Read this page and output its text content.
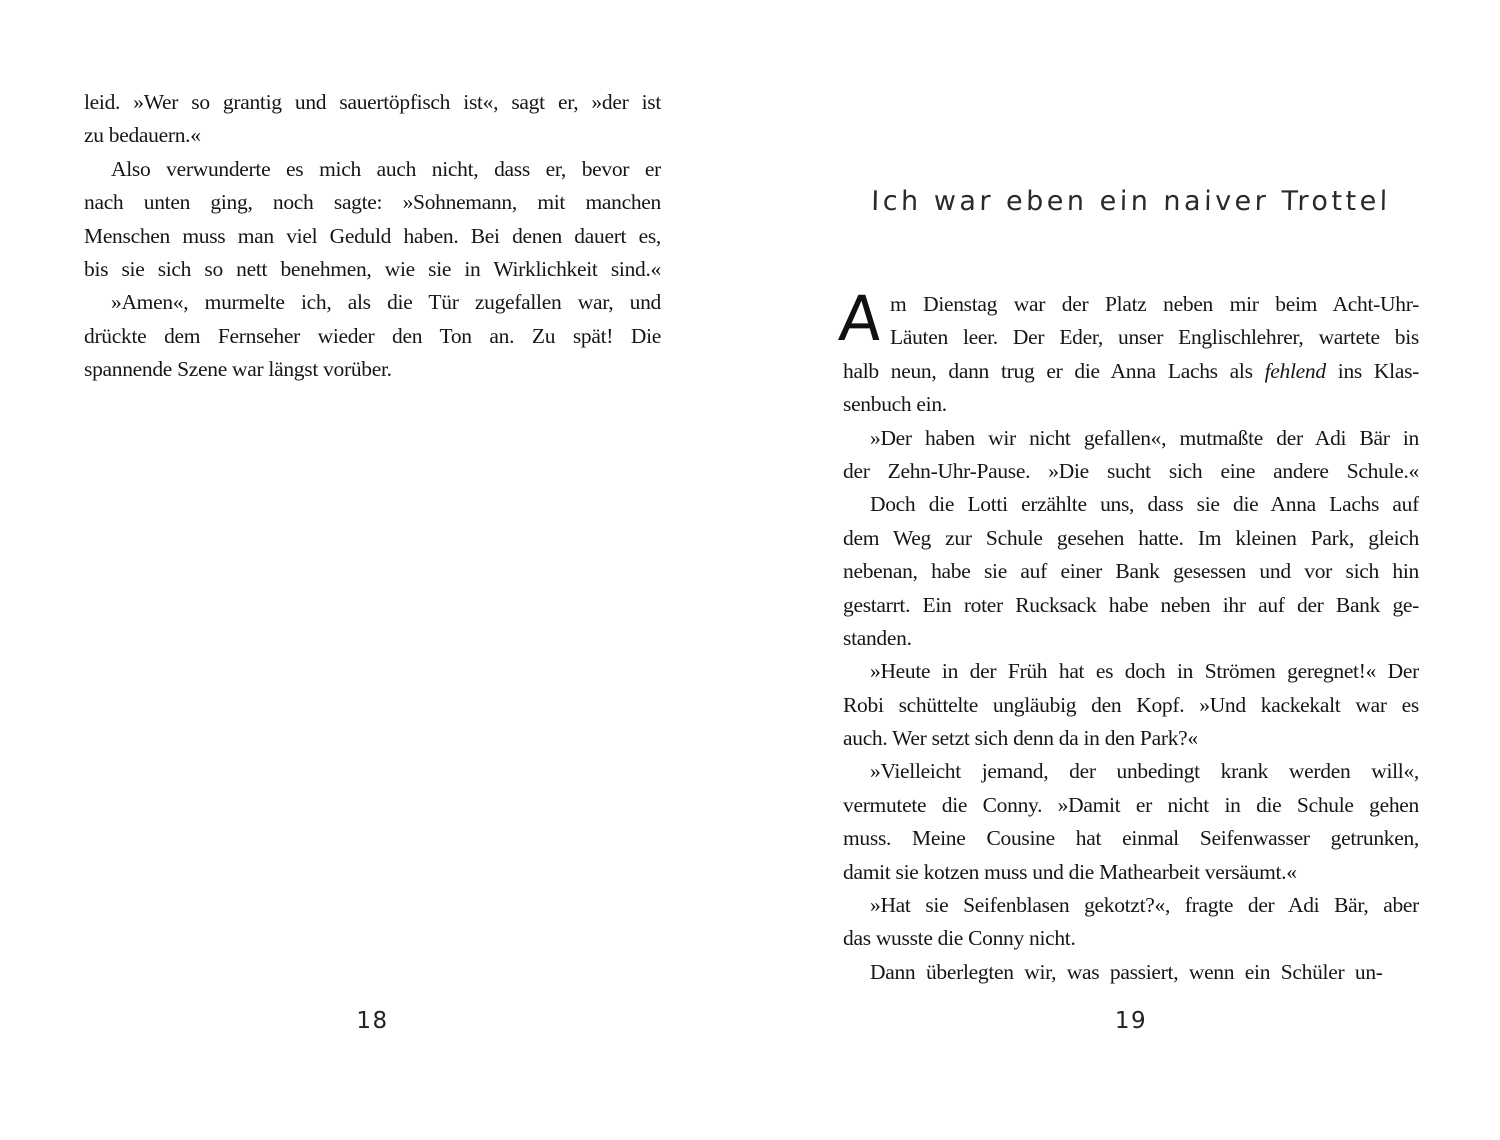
leid. »Wer so grantig und sauertöpfisch ist«, sagt er, »der ist
zu bedauern.«
Also verwunderte es mich auch nicht, dass er, bevor er
nach unten ging, noch sagte: »Sohnemann, mit manchen
Menschen muss man viel Geduld haben. Bei denen dauert es,
bis sie sich so nett benehmen, wie sie in Wirklichkeit sind.«
»Amen«, murmelte ich, als die Tür zugefallen war, und
drückte dem Fernseher wieder den Ton an. Zu spät! Die
spannende Szene war längst vorüber.
Ich war eben ein naiver Trottel
A m Dienstag war der Platz neben mir beim Acht-Uhr-
Läuten leer. Der Eder, unser Englischlehrer, wartete bis
halb neun, dann trug er die Anna Lachs als fehlend ins Klas-
senbuch ein.
»Der haben wir nicht gefallen«, mutmaßte der Adi Bär in
der Zehn-Uhr-Pause. »Die sucht sich eine andere Schule.«
Doch die Lotti erzählte uns, dass sie die Anna Lachs auf
dem Weg zur Schule gesehen hatte. Im kleinen Park, gleich
nebenan, habe sie auf einer Bank gesessen und vor sich hin
gestarrt. Ein roter Rucksack habe neben ihr auf der Bank ge-
standen.
»Heute in der Früh hat es doch in Strömen geregnet!« Der
Robi schüttelte ungläubig den Kopf. »Und kackekalt war es
auch. Wer setzt sich denn da in den Park?«
»Vielleicht jemand, der unbedingt krank werden will«,
vermutete die Conny. »Damit er nicht in die Schule gehen
muss. Meine Cousine hat einmal Seifenwasser getrunken,
damit sie kotzen muss und die Mathearbeit versäumt.«
»Hat sie Seifenblasen gekotzt?«, fragte der Adi Bär, aber
das wusste die Conny nicht.
Dann überlegten wir, was passiert, wenn ein Schüler un-
18	19
